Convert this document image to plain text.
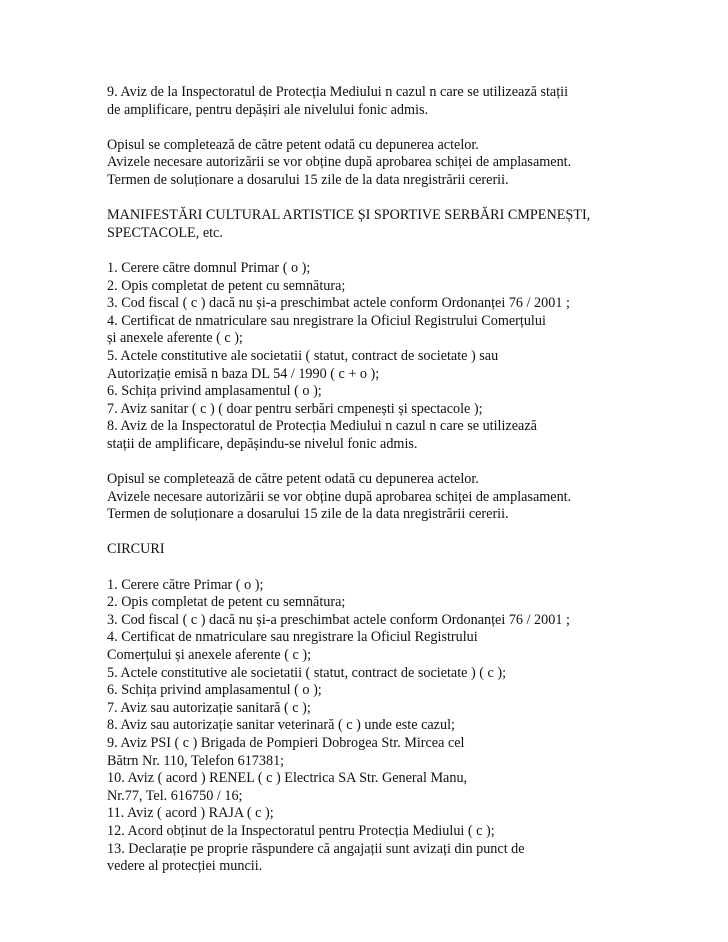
9. Aviz de la Inspectoratul de Protecția Mediului n cazul n care se utilizează stații
de amplificare, pentru depășiri ale nivelului fonic admis.
Opisul se completează de către petent odată cu depunerea actelor.
Avizele necesare autorizării se vor obține după aprobarea schiței de amplasament.
Termen de soluționare a dosarului 15 zile de la data nregistrării cererii.
MANIFESTĂRI CULTURAL ARTISTICE ȘI SPORTIVE SERBĂRI CMPENEȘTI,
SPECTACOLE, etc.
1. Cerere către domnul Primar ( o );
2. Opis completat de petent cu semnătura;
3. Cod fiscal ( c ) dacă nu și-a preschimbat actele conform Ordonanței 76 / 2001 ;
4. Certificat de nmatriculare sau nregistrare la Oficiul Registrului Comerțului
și anexele aferente ( c );
5. Actele constitutive ale societatii ( statut, contract de societate ) sau
Autorizație emisă n baza DL 54 / 1990 ( c + o );
6. Schița privind amplasamentul ( o );
7. Aviz sanitar ( c ) ( doar pentru serbări cmpenești și spectacole );
8. Aviz de la Inspectoratul de Protecția Mediului n cazul n care se utilizează
stații de amplificare, depășindu-se nivelul fonic admis.
Opisul se completează de către petent odată cu depunerea actelor.
Avizele necesare autorizării se vor obține după aprobarea schiței de amplasament.
Termen de soluționare a dosarului 15 zile de la data nregistrării cererii.
CIRCURI
1. Cerere către Primar ( o );
2. Opis completat de petent cu semnătura;
3. Cod fiscal ( c ) dacă nu și-a preschimbat actele conform Ordonanței 76 / 2001 ;
4. Certificat de nmatriculare sau nregistrare la Oficiul Registrului
Comerțului și anexele aferente ( c );
5. Actele constitutive ale societatii ( statut, contract de societate ) ( c );
6. Schița privind amplasamentul ( o );
7. Aviz sau autorizație sanitară ( c );
8. Aviz sau autorizație sanitar veterinară ( c ) unde este cazul;
9. Aviz PSI ( c ) Brigada de Pompieri Dobrogea Str. Mircea cel
Bătrn Nr. 110, Telefon 617381;
10. Aviz ( acord ) RENEL ( c ) Electrica SA Str. General Manu,
Nr.77, Tel. 616750 / 16;
11. Aviz ( acord ) RAJA ( c );
12. Acord obținut de la Inspectoratul pentru Protecția Mediului ( c );
13. Declarație pe proprie răspundere că angajații sunt avizați din punct de
vedere al protecției muncii.
